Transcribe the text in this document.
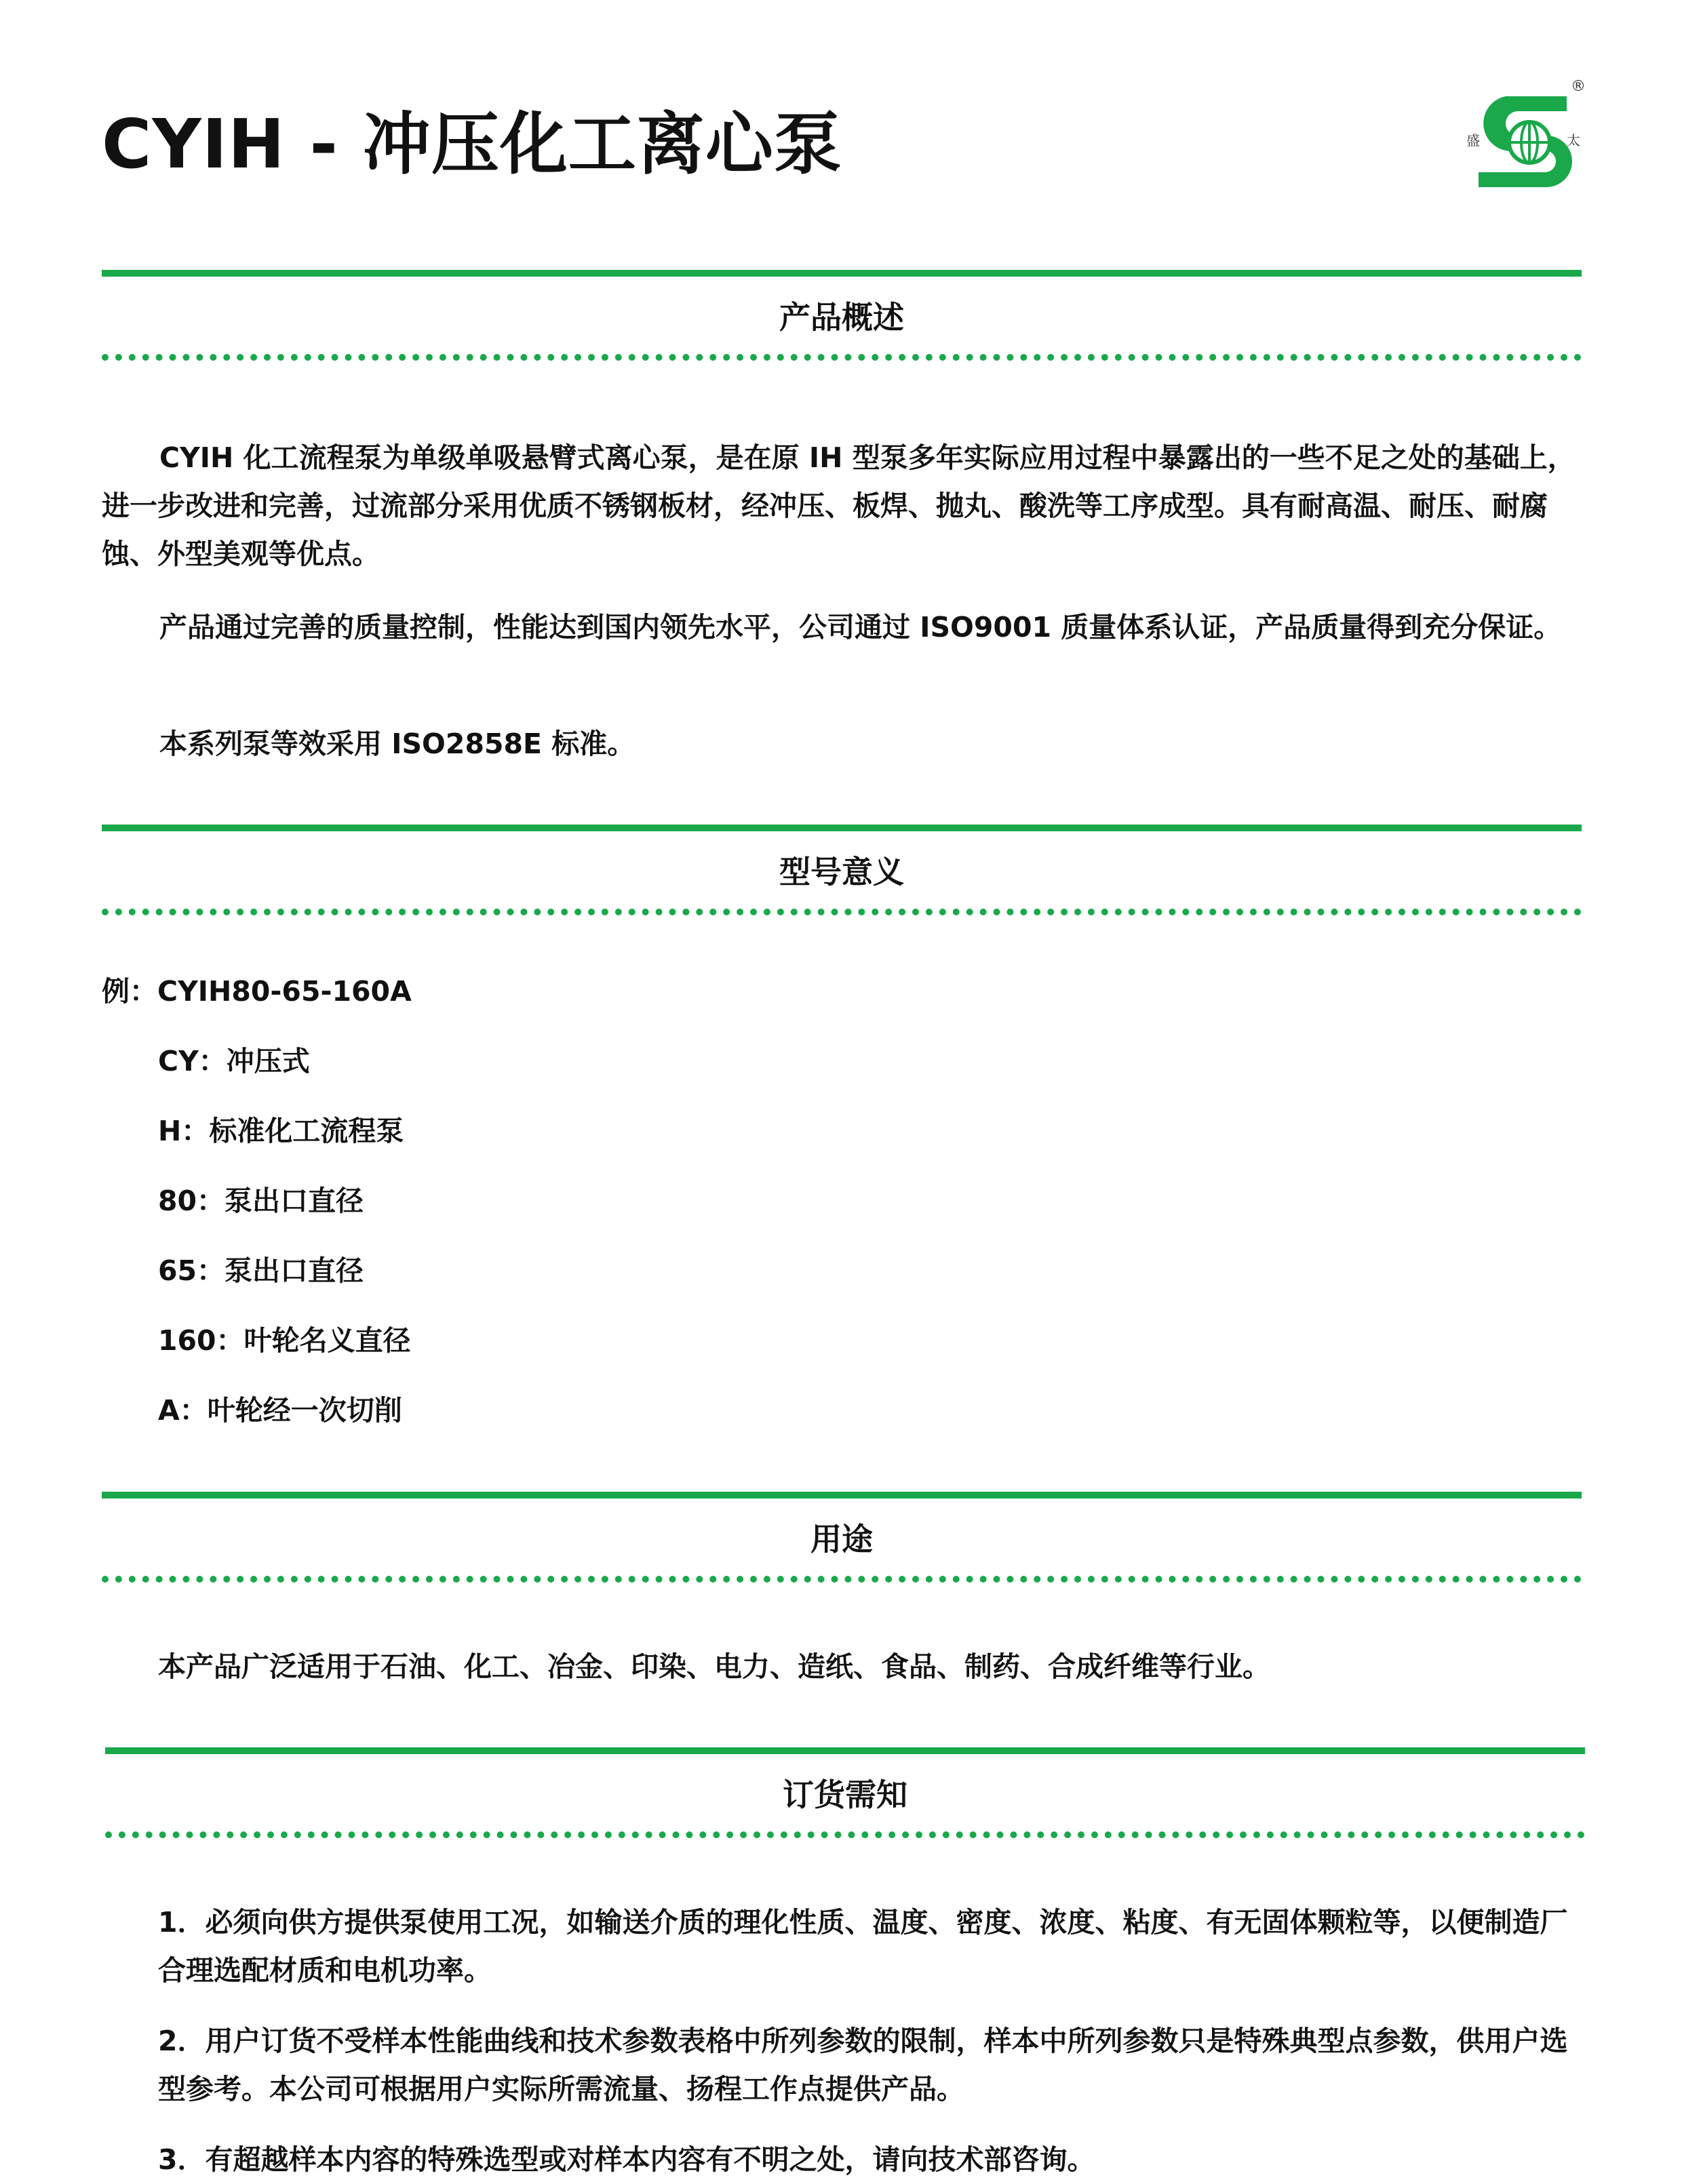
CYIH - 冲压化工离心泵	盛	太
®
产品概述
CYIH 化工流程泵为单级单吸悬臂式离心泵，是在原 IH 型泵多年实际应用过程中暴露出的一些不足之处的基础上，进一步改进和完善，过流部分采用优质不锈钢板材，经冲压、板焊、抛丸、酸洗等工序成型。具有耐高温、耐压、耐腐蚀、外型美观等优点。
产品通过完善的质量控制，性能达到国内领先水平，公司通过 ISO9001 质量体系认证，产品质量得到充分保证。
本系列泵等效采用 ISO2858E 标准。
型号意义
例：CYIH80-65-160A
CY：冲压式
H：标准化工流程泵
80：泵出口直径
65：泵出口直径
160：叶轮名义直径
A：叶轮经一次切削
用途
本产品广泛适用于石油、化工、冶金、印染、电力、造纸、食品、制药、合成纤维等行业。
订货需知
1．必须向供方提供泵使用工况，如输送介质的理化性质、温度、密度、浓度、粘度、有无固体颗粒等，以便制造厂合理选配材质和电机功率。
2．用户订货不受样本性能曲线和技术参数表格中所列参数的限制，样本中所列参数只是特殊典型点参数，供用户选型参考。本公司可根据用户实际所需流量、扬程工作点提供产品。
3．有超越样本内容的特殊选型或对样本内容有不明之处，请向技术部咨询。
